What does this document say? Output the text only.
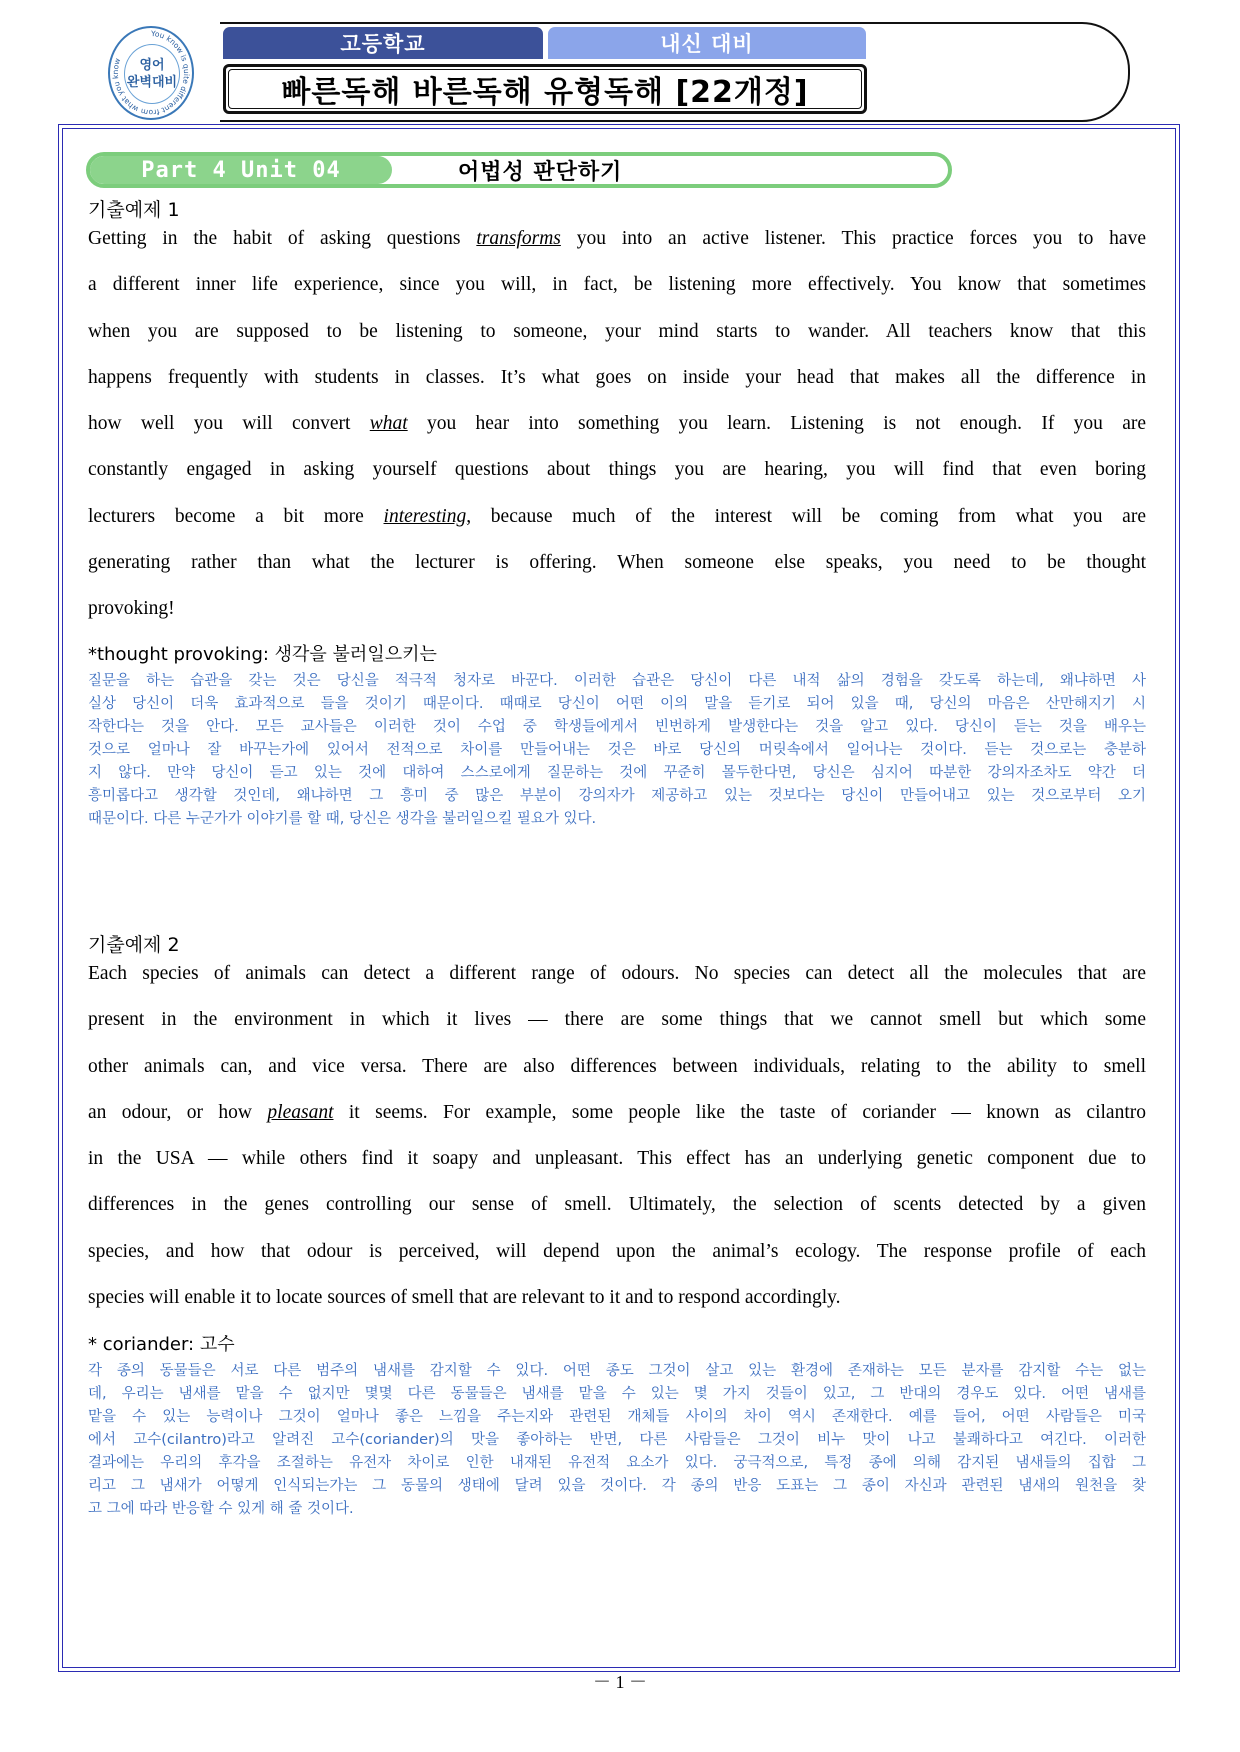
You know is quite different from what you know	영어
완벽대비
고등학교	내신 대비
빠른독해 바른독해 유형독해 [22개정]
Part 4 Unit 04	어법성 판단하기
기출예제 1
Getting in the habit of asking questions transforms you into an active listener. This practice forces you to have
a different inner life experience, since you will, in fact, be listening more effectively. You know that sometimes
when you are supposed to be listening to someone, your mind starts to wander. All teachers know that this
happens frequently with students in classes. It’s what goes on inside your head that makes all the difference in
how well you will convert what you hear into something you learn. Listening is not enough. If you are
constantly engaged in asking yourself questions about things you are hearing, you will find that even boring
lecturers become a bit more interesting, because much of the interest will be coming from what you are
generating rather than what the lecturer is offering. When someone else speaks, you need to be thought
provoking!
*thought provoking: 생각을 불러일으키는
질문을 하는 습관을 갖는 것은 당신을 적극적 청자로 바꾼다. 이러한 습관은 당신이 다른 내적 삶의 경험을 갖도록 하는데, 왜냐하면 사
실상 당신이 더욱 효과적으로 들을 것이기 때문이다. 때때로 당신이 어떤 이의 말을 듣기로 되어 있을 때, 당신의 마음은 산만해지기 시
작한다는 것을 안다. 모든 교사들은 이러한 것이 수업 중 학생들에게서 빈번하게 발생한다는 것을 알고 있다. 당신이 듣는 것을 배우는
것으로 얼마나 잘 바꾸는가에 있어서 전적으로 차이를 만들어내는 것은 바로 당신의 머릿속에서 일어나는 것이다. 듣는 것으로는 충분하
지 않다. 만약 당신이 듣고 있는 것에 대하여 스스로에게 질문하는 것에 꾸준히 몰두한다면, 당신은 심지어 따분한 강의자조차도 약간 더
흥미롭다고 생각할 것인데, 왜냐하면 그 흥미 중 많은 부분이 강의자가 제공하고 있는 것보다는 당신이 만들어내고 있는 것으로부터 오기
때문이다. 다른 누군가가 이야기를 할 때, 당신은 생각을 불러일으킬 필요가 있다.
기출예제 2
Each species of animals can detect a different range of odours. No species can detect all the molecules that are
present in the environment in which it lives — there are some things that we cannot smell but which some
other animals can, and vice versa. There are also differences between individuals, relating to the ability to smell
an odour, or how pleasant it seems. For example, some people like the taste of coriander — known as cilantro
in the USA — while others find it soapy and unpleasant. This effect has an underlying genetic component due to
differences in the genes controlling our sense of smell. Ultimately, the selection of scents detected by a given
species, and how that odour is perceived, will depend upon the animal’s ecology. The response profile of each
species will enable it to locate sources of smell that are relevant to it and to respond accordingly.
* coriander: 고수
각 종의 동물들은 서로 다른 범주의 냄새를 감지할 수 있다. 어떤 종도 그것이 살고 있는 환경에 존재하는 모든 분자를 감지할 수는 없는
데, 우리는 냄새를 맡을 수 없지만 몇몇 다른 동물들은 냄새를 맡을 수 있는 몇 가지 것들이 있고, 그 반대의 경우도 있다. 어떤 냄새를
맡을 수 있는 능력이나 그것이 얼마나 좋은 느낌을 주는지와 관련된 개체들 사이의 차이 역시 존재한다. 예를 들어, 어떤 사람들은 미국
에서 고수(cilantro)라고 알려진 고수(coriander)의 맛을 좋아하는 반면, 다른 사람들은 그것이 비누 맛이 나고 불쾌하다고 여긴다. 이러한
결과에는 우리의 후각을 조절하는 유전자 차이로 인한 내재된 유전적 요소가 있다. 궁극적으로, 특정 종에 의해 감지된 냄새들의 집합 그
리고 그 냄새가 어떻게 인식되는가는 그 동물의 생태에 달려 있을 것이다. 각 종의 반응 도표는 그 종이 자신과 관련된 냄새의 원천을 찾
고 그에 따라 반응할 수 있게 해 줄 것이다.
－ 1 －
